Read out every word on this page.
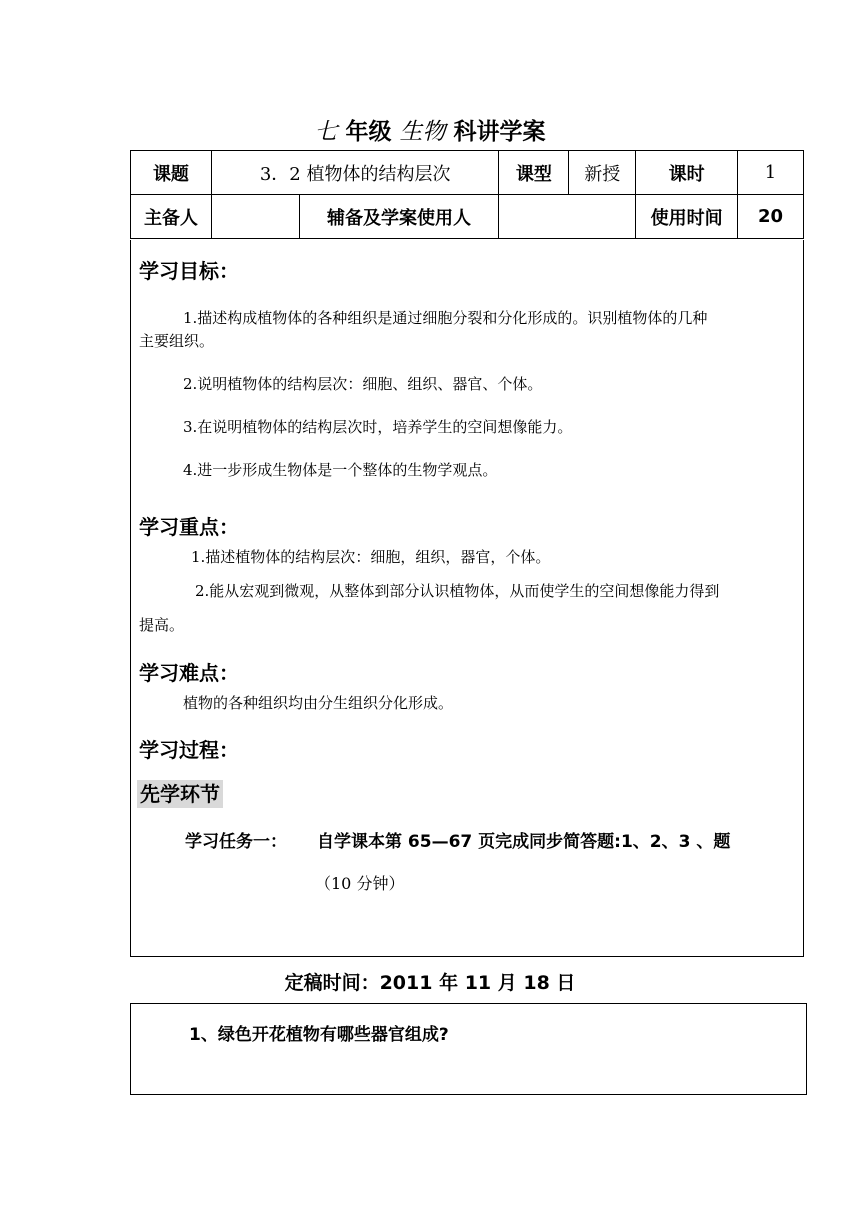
七 年级 生物 科讲学案
课题	3．2 植物体的结构层次		课型	新授	课时	1
主备人		辅备及学案使用人			使用时间	20
学习目标：
1.描述构成植物体的各种组织是通过细胞分裂和分化形成的。识别植物体的几种
主要组织。
2.说明植物体的结构层次：细胞、组织、器官、个体。
3.在说明植物体的结构层次时，培养学生的空间想像能力。
4.进一步形成生物体是一个整体的生物学观点。
学习重点：
1.描述植物体的结构层次：细胞，组织，器官，个体。
2.能从宏观到微观，从整体到部分认识植物体，从而使学生的空间想像能力得到
提高。
学习难点：
植物的各种组织均由分生组织分化形成。
学习过程：
先学环节
学习任务一： 自学课本第 65—67 页完成同步简答题:1、2、3 、题
（10 分钟）
定稿时间：2011 年 11 月 18 日
1、绿色开花植物有哪些器官组成?
